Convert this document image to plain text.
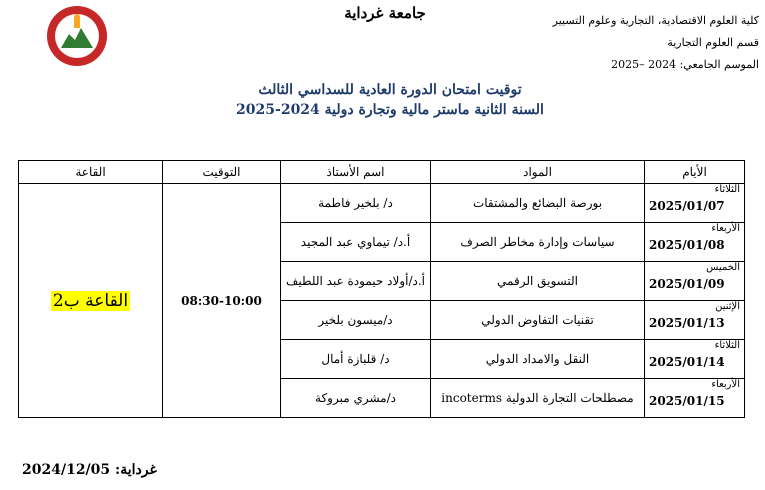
كلية العلوم الاقتصادية، التجارية وعلوم التسيير
قسم العلوم التجارية
الموسم الجامعي: 2024 –2025
جامعة غرداية
توقيت امتحان الدورة العادية للسداسي الثالث
السنة الثانية ماستر مالية وتجارة دولية 2024-2025
الأيام	المواد	اسم الأستاذ	التوقيت	القاعة

الثلاثاء
2025/01/07	بورصة البضائع والمشتقات	د/ بلخير فاطمة	08:30-10:00	القاعة ب2

الأربعاء
2025/01/08	سياسات وإدارة مخاطر الصرف	أ.د/ تيماوي عبد المجيد		

الخميس
2025/01/09	التسويق الرقمي	أ.د/أولاد حيمودة عبد اللطيف		

الإثنين
2025/01/13	تقنيات التفاوض الدولي	د/ميسون بلخير		

الثلاثاء
2025/01/14	النقل والامداد الدولي	د/ قلبازة أمال		

الأربعاء
2025/01/15	مصطلحات التجارة الدولية incoterms	د/مشري مبروكة		
غرداية: 2024/12/05
